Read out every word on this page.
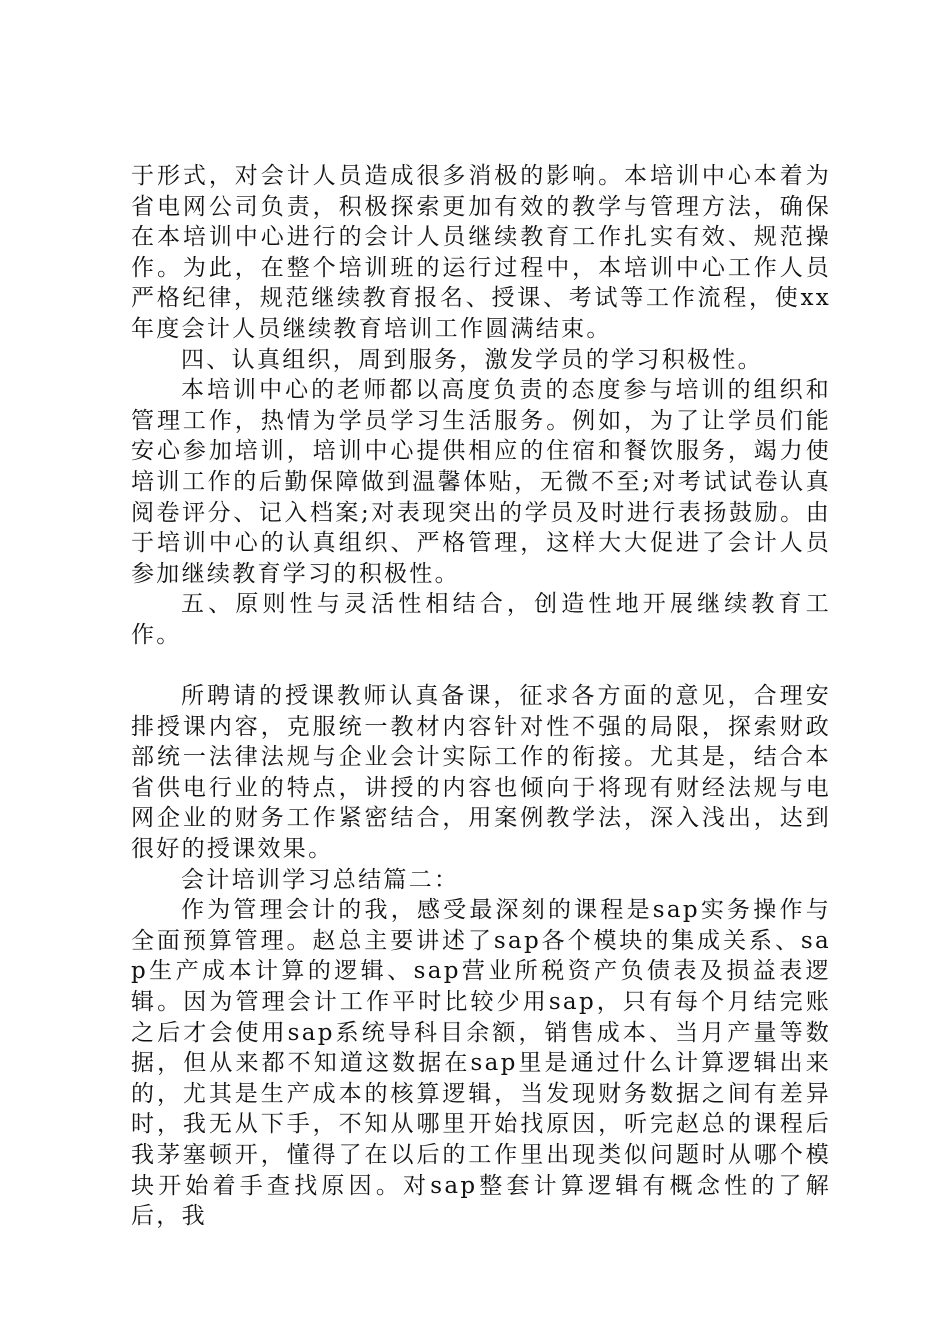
于形式，对会计人员造成很多消极的影响。本培训中心本着为省电网公司负责，积极探索更加有效的教学与管理方法，确保在本培训中心进行的会计人员继续教育工作扎实有效、规范操作。为此，在整个培训班的运行过程中，本培训中心工作人员严格纪律，规范继续教育报名、授课、考试等工作流程，使xx年度会计人员继续教育培训工作圆满结束。

四、认真组织，周到服务，激发学员的学习积极性。

本培训中心的老师都以高度负责的态度参与培训的组织和管理工作，热情为学员学习生活服务。例如，为了让学员们能安心参加培训，培训中心提供相应的住宿和餐饮服务，竭力使培训工作的后勤保障做到温馨体贴，无微不至;对考试试卷认真阅卷评分、记入档案;对表现突出的学员及时进行表扬鼓励。由于培训中心的认真组织、严格管理，这样大大促进了会计人员参加继续教育学习的积极性。

五、原则性与灵活性相结合，创造性地开展继续教育工作。

所聘请的授课教师认真备课，征求各方面的意见，合理安排授课内容，克服统一教材内容针对性不强的局限，探索财政部统一法律法规与企业会计实际工作的衔接。尤其是，结合本省供电行业的特点，讲授的内容也倾向于将现有财经法规与电网企业的财务工作紧密结合，用案例教学法，深入浅出，达到很好的授课效果。

会计培训学习总结篇二：

作为管理会计的我，感受最深刻的课程是sap实务操作与全面预算管理。赵总主要讲述了sap各个模块的集成关系、sap生产成本计算的逻辑、sap营业所税资产负债表及损益表逻辑。因为管理会计工作平时比较少用sap，只有每个月结完账之后才会使用sap系统导科目余额，销售成本、当月产量等数据，但从来都不知道这数据在sap里是通过什么计算逻辑出来的，尤其是生产成本的核算逻辑，当发现财务数据之间有差异时，我无从下手，不知从哪里开始找原因，听完赵总的课程后我茅塞顿开，懂得了在以后的工作里出现类似问题时从哪个模块开始着手查找原因。对sap整套计算逻辑有概念性的了解后，我
